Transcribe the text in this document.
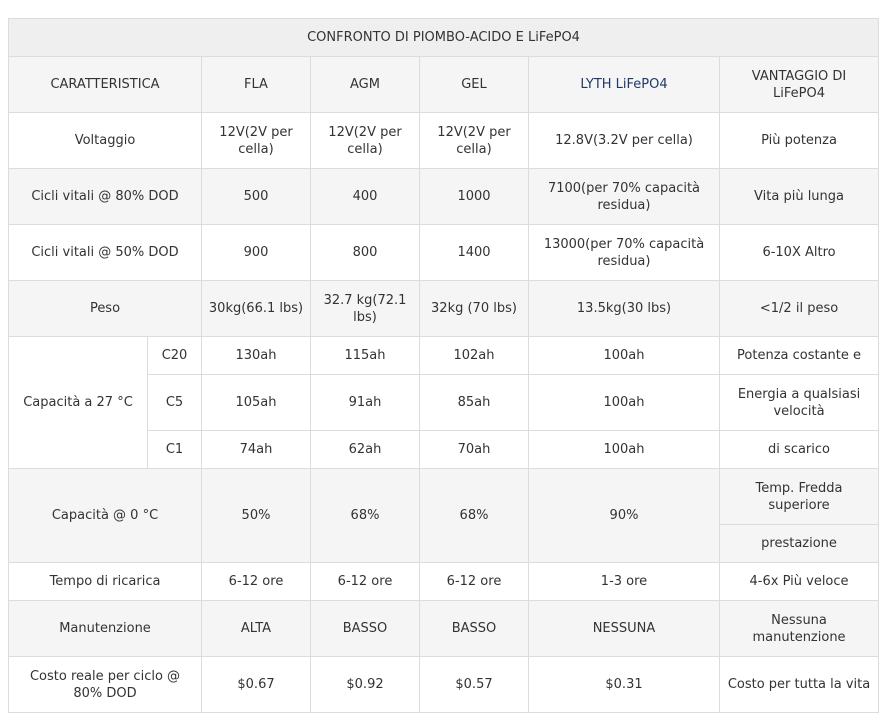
CONFRONTO DI PIOMBO-ACIDO E LiFePO4						
CARATTERISTICA		FLA	AGM	GEL	LYTH LiFePO4	VANTAGGIO DI LiFePO4
Voltaggio		12V(2V per cella)	12V(2V per cella)	12V(2V per cella)	12.8V(3.2V per cella)	Più potenza
Cicli vitali @ 80% DOD		500	400	1000	7100(per 70% capacità residua)	Vita più lunga
Cicli vitali @ 50% DOD		900	800	1400	13000(per 70% capacità residua)	6-10X Altro
Peso		30kg(66.1 lbs)	32.7 kg(72.1 lbs)	32kg (70 lbs)	13.5kg(30 lbs)	<1/2 il peso
Capacità a 27 °C	C20	130ah	115ah	102ah	100ah	Potenza costante e
	C5	105ah	91ah	85ah	100ah	Energia a qualsiasi velocità
	C1	74ah	62ah	70ah	100ah	di scarico
Capacità @ 0 °C		50%	68%	68%	90%	Temp. Fredda superiore
						prestazione
Tempo di ricarica		6-12 ore	6-12 ore	6-12 ore	1-3 ore	4-6x Più veloce
Manutenzione		ALTA	BASSO	BASSO	NESSUNA	Nessuna manutenzione
Costo reale per ciclo @ 80% DOD		$0.67	$0.92	$0.57	$0.31	Costo per tutta la vita
